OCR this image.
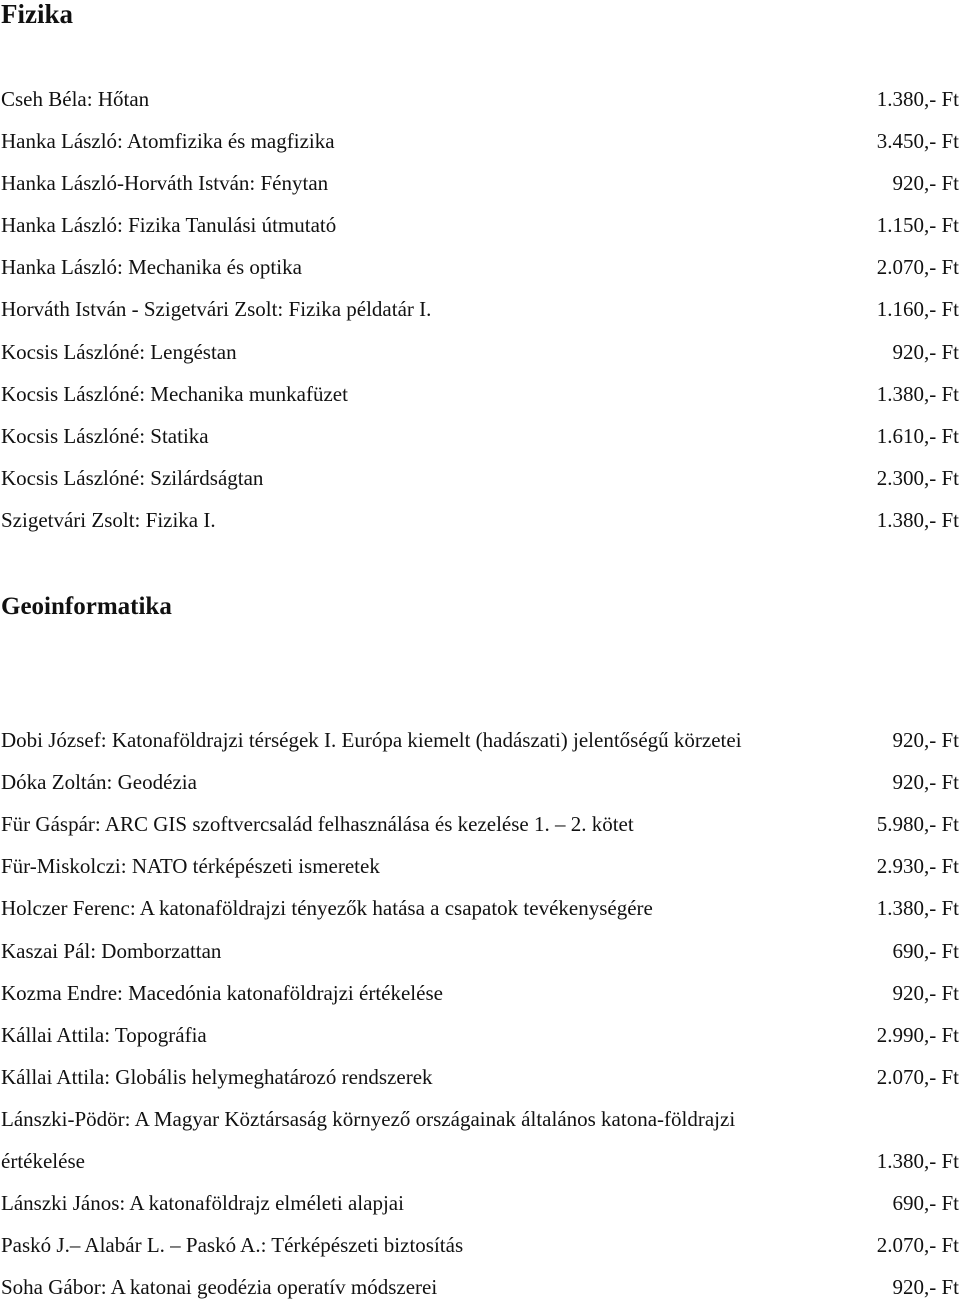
Fizika
Cseh Béla: Hőtan	1.380,- Ft
Hanka László: Atomfizika és magfizika	3.450,- Ft
Hanka László-Horváth István: Fénytan	920,- Ft
Hanka László: Fizika Tanulási útmutató	1.150,- Ft
Hanka László: Mechanika és optika	2.070,- Ft
Horváth István - Szigetvári Zsolt: Fizika példatár I.	1.160,- Ft
Kocsis Lászlóné: Lengéstan	920,- Ft
Kocsis Lászlóné: Mechanika munkafüzet	1.380,- Ft
Kocsis Lászlóné: Statika	1.610,- Ft
Kocsis Lászlóné: Szilárdságtan	2.300,- Ft
Szigetvári Zsolt: Fizika I.	1.380,- Ft
Geoinformatika
Dobi József: Katonaföldrajzi térségek I. Európa kiemelt (hadászati) jelentőségű körzetei	920,- Ft
Dóka Zoltán: Geodézia	920,- Ft
Für Gáspár: ARC GIS szoftvercsalád felhasználása és kezelése 1. – 2. kötet	5.980,- Ft
Für-Miskolczi: NATO térképészeti ismeretek	2.930,- Ft
Holczer Ferenc: A katonaföldrajzi tényezők hatása a csapatok tevékenységére	1.380,- Ft
Kaszai Pál: Domborzattan	690,- Ft
Kozma Endre: Macedónia katonaföldrajzi értékelése	920,- Ft
Kállai Attila: Topográfia	2.990,- Ft
Kállai Attila: Globális helymeghatározó rendszerek	2.070,- Ft
Lánszki-Pödör: A Magyar Köztársaság környező országainak általános katona-földrajzi értékelése	1.380,- Ft
Lánszki János: A katonaföldrajz elméleti alapjai	690,- Ft
Paskó J.– Alabár L. – Paskó A.: Térképészeti biztosítás	2.070,- Ft
Soha Gábor: A katonai geodézia operatív módszerei	920,- Ft
